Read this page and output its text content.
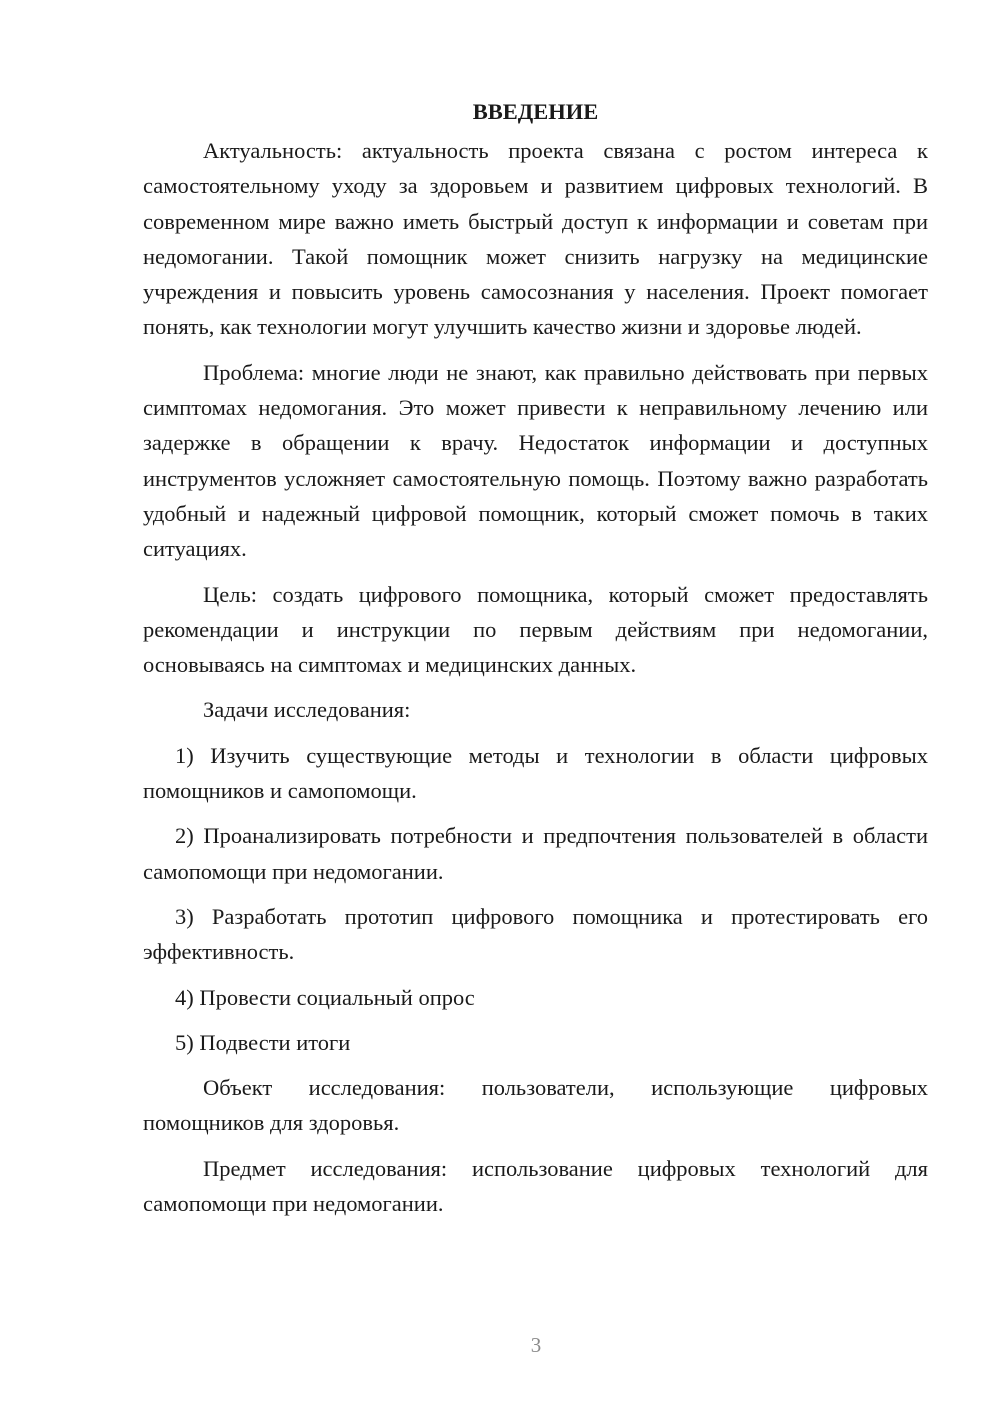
ВВЕДЕНИЕ

Актуальность: актуальность проекта связана с ростом интереса к самостоятельному уходу за здоровьем и развитием цифровых технологий. В современном мире важно иметь быстрый доступ к информации и советам при недомогании. Такой помощник может снизить нагрузку на медицинские учреждения и повысить уровень самосознания у населения. Проект помогает понять, как технологии могут улучшить качество жизни и здоровье людей.

Проблема: многие люди не знают, как правильно действовать при первых симптомах недомогания. Это может привести к неправильному лечению или задержке в обращении к врачу. Недостаток информации и доступных инструментов усложняет самостоятельную помощь. Поэтому важно разработать удобный и надежный цифровой помощник, который сможет помочь в таких ситуациях.

Цель: создать цифрового помощника, который сможет предоставлять рекомендации и инструкции по первым действиям при недомогании, основываясь на симптомах и медицинских данных.

Задачи исследования:

1) Изучить существующие методы и технологии в области цифровых помощников и самопомощи.

2) Проанализировать потребности и предпочтения пользователей в области самопомощи при недомогании.

3) Разработать прототип цифрового помощника и протестировать его эффективность.

4) Провести социальный опрос

5) Подвести итоги

Объект исследования: пользователи, использующие цифровых помощников для здоровья.

Предмет исследования: использование цифровых технологий для самопомощи при недомогании.

3
